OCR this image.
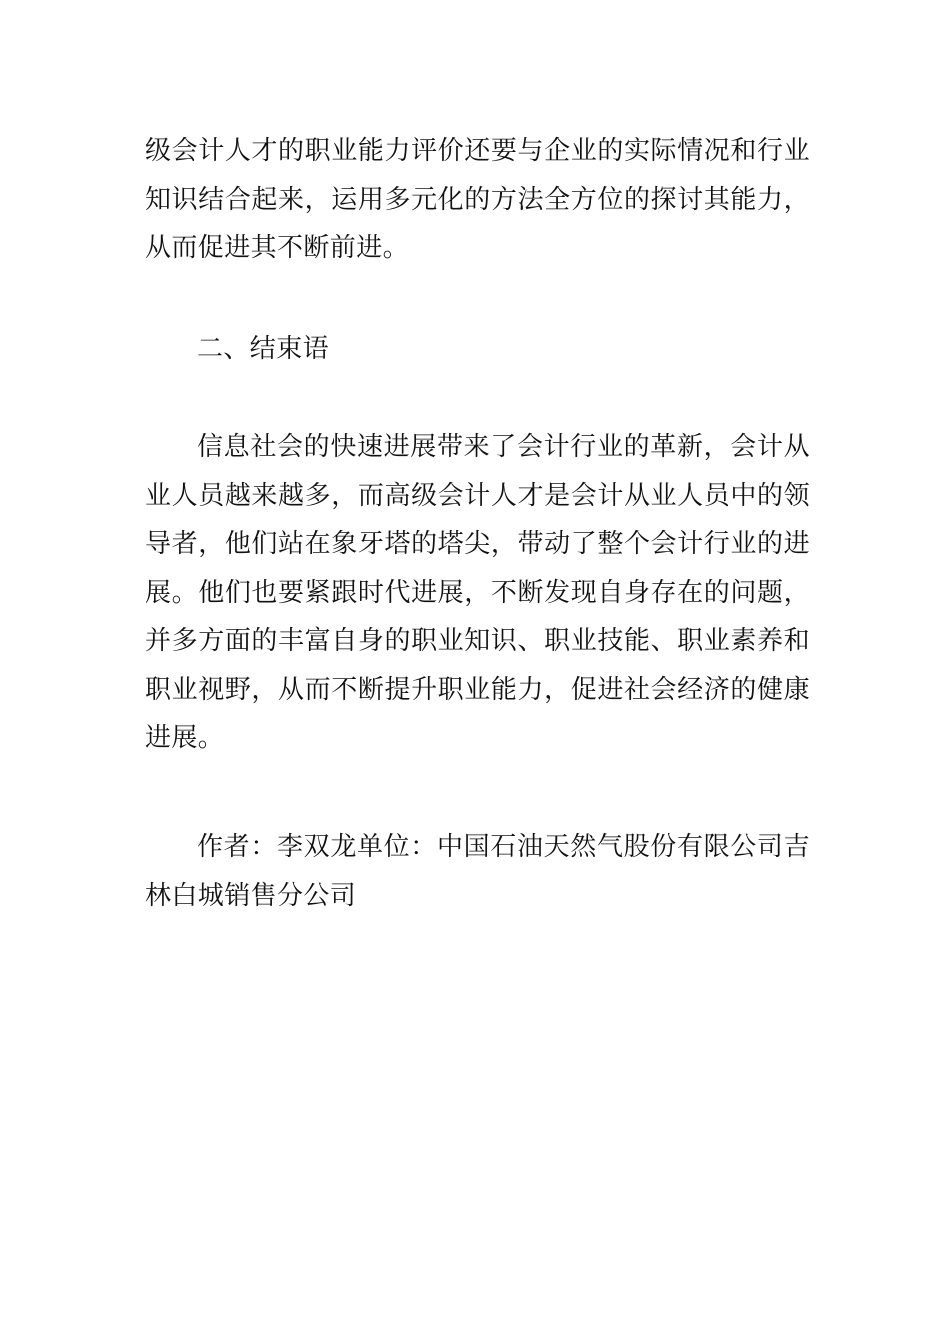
级会计人才的职业能力评价还要与企业的实际情况和行业知识结合起来，运用多元化的方法全方位的探讨其能力，从而促进其不断前进。

二、结束语

信息社会的快速进展带来了会计行业的革新，会计从业人员越来越多，而高级会计人才是会计从业人员中的领导者，他们站在象牙塔的塔尖，带动了整个会计行业的进展。他们也要紧跟时代进展，不断发现自身存在的问题，并多方面的丰富自身的职业知识、职业技能、职业素养和职业视野，从而不断提升职业能力，促进社会经济的健康进展。

作者：李双龙单位：中国石油天然气股份有限公司吉林白城销售分公司
